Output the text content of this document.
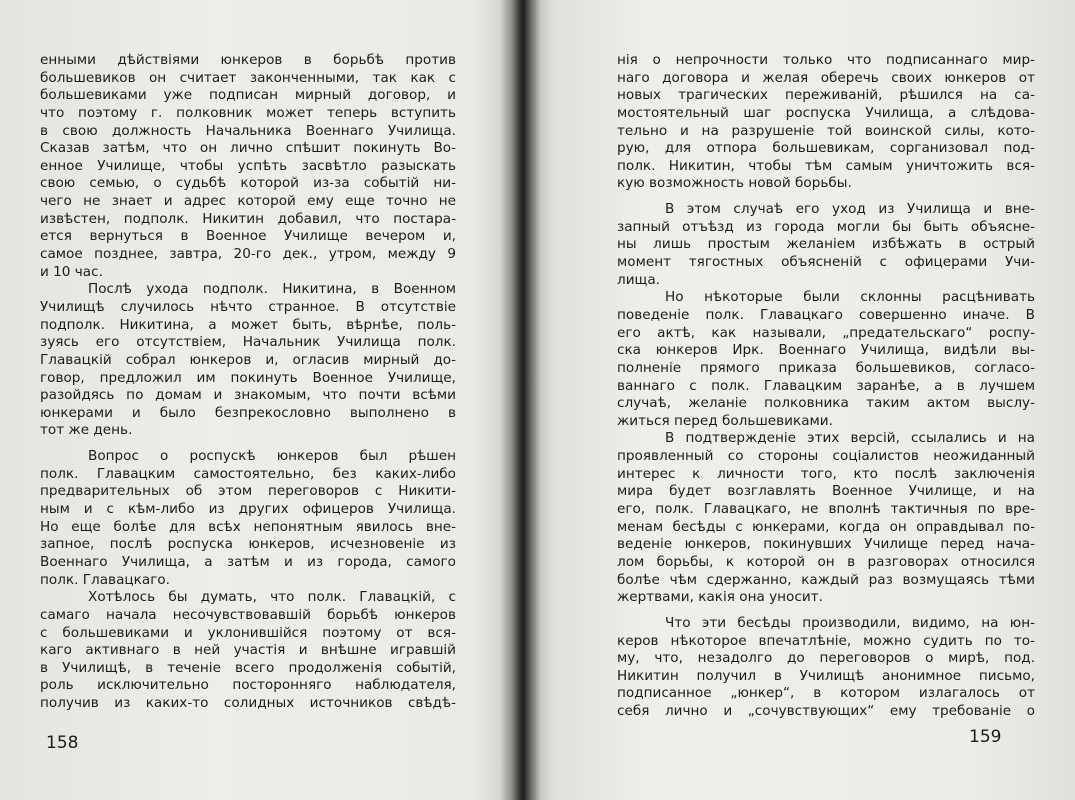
енными дѣйствіями юнкеров в борьбѣ против
большевиков он считает законченными, так как с
большевиками уже подписан мирный договор, и
что поэтому г. полковник может теперь вступить
в свою должность Начальника Военнаго Училища.
Сказав затѣм, что он лично спѣшит покинуть Во-
енное Училище, чтобы успѣть засвѣтло разыскать
свою семью, о судьбѣ которой из-за событій ни-
чего не знает и адрес которой ему еще точно не
извѣстен, подполк. Никитин добавил, что постара-
ется вернуться в Военное Училище вечером и,
самое позднее, завтра, 20-го дек., утром, между 9
и 10 час.
Послѣ ухода подполк. Никитина, в Военном
Училищѣ случилось нѣчто странное. В отсутствіе
подполк. Никитина, а может быть, вѣрнѣе, поль-
зуясь его отсутствіем, Начальник Училища полк.
Главацкій собрал юнкеров и, огласив мирный до-
говор, предложил им покинуть Военное Училище,
разойдясь по домам и знакомым, что почти всѣми
юнкерами и было безпрекословно выполнено в
тот же день.
Вопрос о роспускѣ юнкеров был рѣшен
полк. Главацким самостоятельно, без каких-либо
предварительных об этом переговоров с Никити-
ным и с кѣм-либо из других офицеров Училища.
Но еще болѣе для всѣх непонятным явилось вне-
запное, послѣ роспуска юнкеров, исчезновеніе из
Военнаго Училища, а затѣм и из города, самого
полк. Главацкаго.
Хотѣлось бы думать, что полк. Главацкій, с
самаго начала несочувствовавшій борьбѣ юнкеров
с большевиками и уклонившійся поэтому от вся-
каго активнаго в ней участія и внѣшне игравшій
в Училищѣ, в теченіе всего продолженія событій,
роль исключительно посторонняго наблюдателя,
получив из каких-то солидных источников свѣдѣ-
158
нія о непрочности только что подписаннаго мир-
наго договора и желая оберечь своих юнкеров от
новых трагических переживаній, рѣшился на са-
мостоятельный шаг роспуска Училища, а слѣдова-
тельно и на разрушеніе той воинской силы, кото-
рую, для отпора большевикам, сорганизовал под-
полк. Никитин, чтобы тѣм самым уничтожить вся-
кую возможность новой борьбы.
В этом случаѣ его уход из Училища и вне-
запный отъѣзд из города могли бы быть объясне-
ны лишь простым желаніем избѣжать в острый
момент тягостных объясненій с офицерами Учи-
лища.
Но нѣкоторые были склонны расцѣнивать
поведеніе полк. Главацкаго совершенно иначе. В
его актѣ, как называли, „предательскаго“ роспу-
ска юнкеров Ирк. Военнаго Училища, видѣли вы-
полненіе прямого приказа большевиков, согласо-
ваннаго с полк. Главацким заранѣе, а в лучшем
случаѣ, желаніе полковника таким актом выслу-
житься перед большевиками.
В подтвержденіе этих версій, ссылались и на
проявленный со стороны соціалистов неожиданный
интерес к личности того, кто послѣ заключенія
мира будет возглавлять Военное Училище, и на
его, полк. Главацкаго, не вполнѣ тактичныя по вре-
менам бесѣды с юнкерами, когда он оправдывал по-
веденіе юнкеров, покинувших Училище перед нача-
лом борьбы, к которой он в разговорах относился
болѣе чѣм сдержанно, каждый раз возмущаясь тѣми
жертвами, какія она уносит.
Что эти бесѣды производили, видимо, на юн-
керов нѣкоторое впечатлѣніе, можно судить по то-
му, что, незадолго до переговоров о мирѣ, под.
Никитин получил в Училищѣ анонимное письмо,
подписанное „юнкер“, в котором излагалось от
себя лично и „сочувствующих“ ему требованіе о
159
